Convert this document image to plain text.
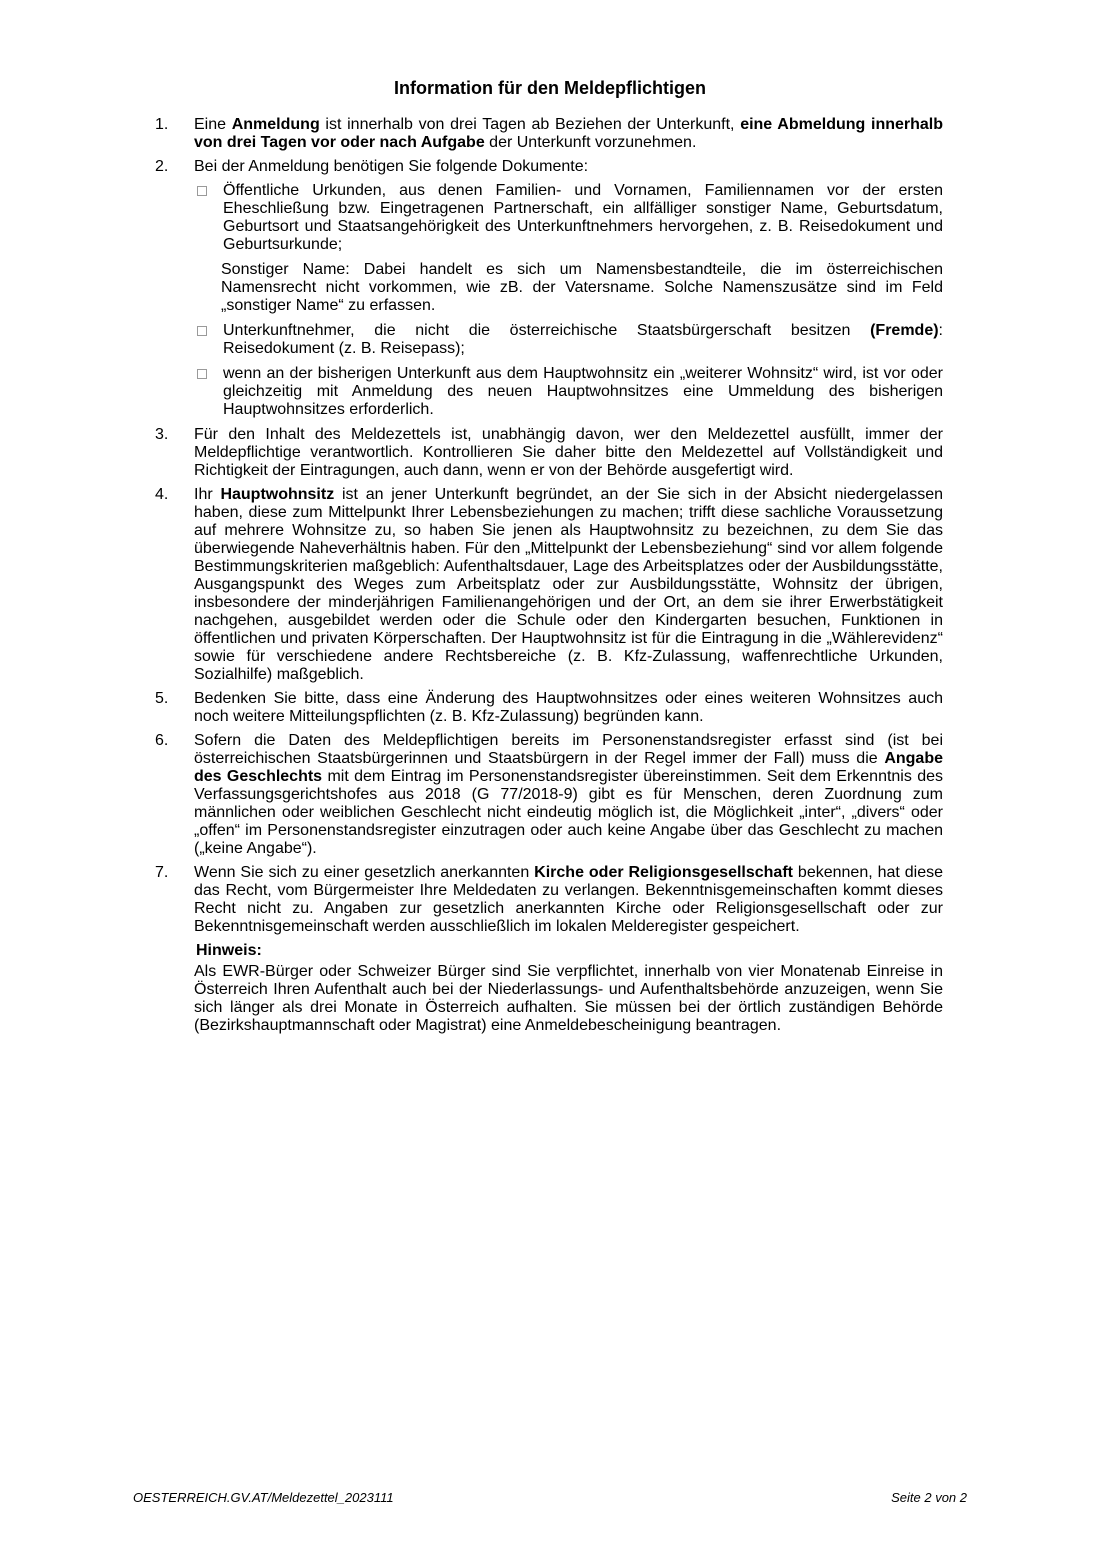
Information für den Meldepflichtigen
1.	Eine Anmeldung ist innerhalb von drei Tagen ab Beziehen der Unterkunft, eine Abmeldung innerhalb von drei Tagen vor oder nach Aufgabe der Unterkunft vorzunehmen.
2.	Bei der Anmeldung benötigen Sie folgende Dokumente:
Öffentliche Urkunden, aus denen Familien- und Vornamen, Familiennamen vor der ersten Eheschließung bzw. Eingetragenen Partnerschaft, ein allfälliger sonstiger Name, Geburtsdatum, Geburtsort und Staatsangehörigkeit des Unterkunftnehmers hervorgehen, z. B. Reisedokument und Geburtsurkunde;
Sonstiger Name: Dabei handelt es sich um Namensbestandteile, die im österreichischen Namensrecht nicht vorkommen, wie zB. der Vatersname. Solche Namenszusätze sind im Feld „sonstiger Name“ zu erfassen.
Unterkunftnehmer, die nicht die österreichische Staatsbürgerschaft besitzen (Fremde): Reisedokument (z. B. Reisepass);
wenn an der bisherigen Unterkunft aus dem Hauptwohnsitz ein „weiterer Wohnsitz“ wird, ist vor oder gleichzeitig mit Anmeldung des neuen Hauptwohnsitzes eine Ummeldung des bisherigen Hauptwohnsitzes erforderlich.
3.	Für den Inhalt des Meldezettels ist, unabhängig davon, wer den Meldezettel ausfüllt, immer der Meldepflichtige verantwortlich. Kontrollieren Sie daher bitte den Meldezettel auf Vollständigkeit und Richtigkeit der Eintragungen, auch dann, wenn er von der Behörde ausgefertigt wird.
4.	Ihr Hauptwohnsitz ist an jener Unterkunft begründet, an der Sie sich in der Absicht niedergelassen haben, diese zum Mittelpunkt Ihrer Lebensbeziehungen zu machen; trifft diese sachliche Voraussetzung auf mehrere Wohnsitze zu, so haben Sie jenen als Hauptwohnsitz zu bezeichnen, zu dem Sie das überwiegende Naheverhältnis haben. Für den „Mittelpunkt der Lebensbeziehung“ sind vor allem folgende Bestimmungskriterien maßgeblich: Aufenthaltsdauer, Lage des Arbeitsplatzes oder der Ausbildungsstätte, Ausgangspunkt des Weges zum Arbeitsplatz oder zur Ausbildungsstätte, Wohnsitz der übrigen, insbesondere der minderjährigen Familienangehörigen und der Ort, an dem sie ihrer Erwerbstätigkeit nachgehen, ausgebildet werden oder die Schule oder den Kindergarten besuchen, Funktionen in öffentlichen und privaten Körperschaften. Der Hauptwohnsitz ist für die Eintragung in die „Wählerevidenz“ sowie für verschiedene andere Rechtsbereiche (z. B. Kfz-Zulassung, waffenrechtliche Urkunden, Sozialhilfe) maßgeblich.
5.	Bedenken Sie bitte, dass eine Änderung des Hauptwohnsitzes oder eines weiteren Wohnsitzes auch noch weitere Mitteilungspflichten (z. B. Kfz-Zulassung) begründen kann.
6.	Sofern die Daten des Meldepflichtigen bereits im Personenstandsregister erfasst sind (ist bei österreichischen Staatsbürgerinnen und Staatsbürgern in der Regel immer der Fall) muss die Angabe des Geschlechts mit dem Eintrag im Personenstandsregister übereinstimmen. Seit dem Erkenntnis des Verfassungsgerichtshofes aus 2018 (G 77/2018-9) gibt es für Menschen, deren Zuordnung zum männlichen oder weiblichen Geschlecht nicht eindeutig möglich ist, die Möglichkeit „inter“, „divers“ oder „offen“ im Personenstandsregister einzutragen oder auch keine Angabe über das Geschlecht zu machen („keine Angabe“).
7.	Wenn Sie sich zu einer gesetzlich anerkannten Kirche oder Religionsgesellschaft bekennen, hat diese das Recht, vom Bürgermeister Ihre Meldedaten zu verlangen. Bekenntnisgemeinschaften kommt dieses Recht nicht zu. Angaben zur gesetzlich anerkannten Kirche oder Religionsgesellschaft oder zur Bekenntnisgemeinschaft werden ausschließlich im lokalen Melderegister gespeichert.
Hinweis:
Als EWR-Bürger oder Schweizer Bürger sind Sie verpflichtet, innerhalb von vier Monatenab Einreise in Österreich Ihren Aufenthalt auch bei der Niederlassungs- und Aufenthaltsbehörde anzuzeigen, wenn Sie sich länger als drei Monate in Österreich aufhalten. Sie müssen bei der örtlich zuständigen Behörde (Bezirkshauptmannschaft oder Magistrat) eine Anmeldebescheinigung beantragen.
OESTERREICH.GV.AT/Meldezettel_2023111	Seite 2 von 2
